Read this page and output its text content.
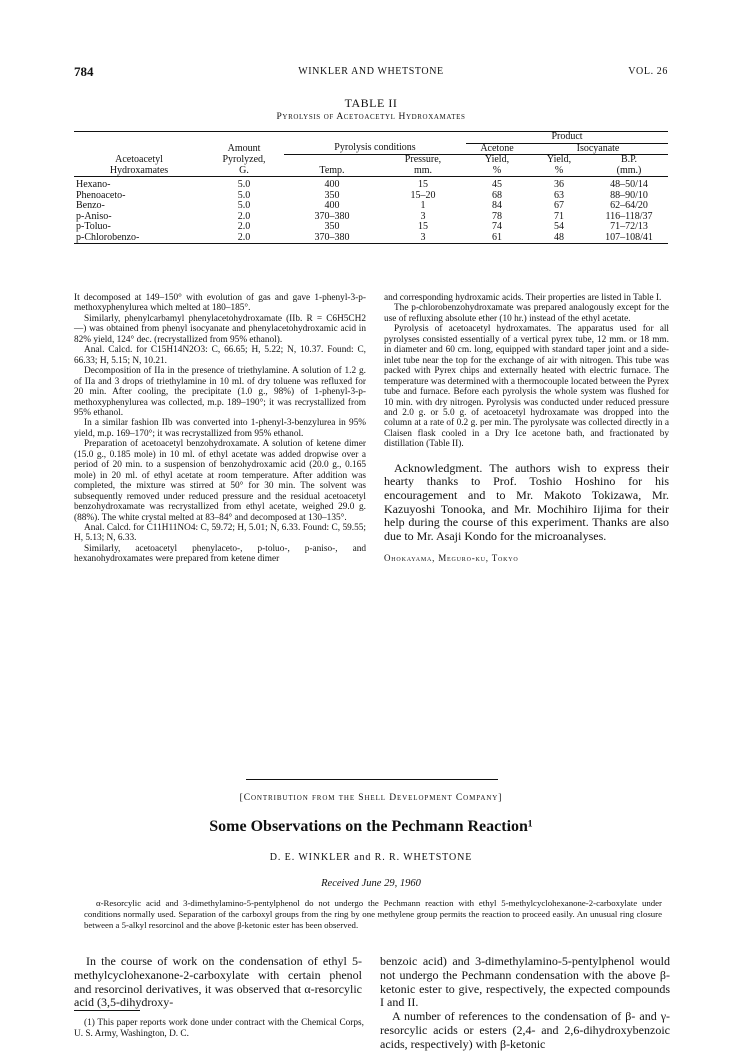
784	WINKLER AND WHETSTONE	VOL. 26
TABLE II
Pyrolysis of Acetoacetyl Hydroxamates
				Product		
	Amount	Pyrolysis conditions		Acetone	Isocyanate	
Acetoacetyl	Pyrolyzed,		Pressure,	Yield,	Yield,	B.P.
Hydroxamates	G.	Temp.	mm.	%	%	(mm.)

Hexano-	5.0	400	15	45	36	48–50/14
Phenoaceto-	5.0	350	15–20	68	63	88–90/10
Benzo-	5.0	400	1	84	67	62–64/20
p-Aniso-	2.0	370–380	3	78	71	116–118/37
p-Toluo-	2.0	350	15	74	54	71–72/13
p-Chlorobenzo-	2.0	370–380	3	61	48	107–108/41

It decomposed at 149–150° with evolution of gas and gave 1-phenyl-3-p-methoxyphenylurea which melted at 180–185°.

Similarly, phenylcarbamyl phenylacetohydroxamate (IIb. R = C6H5CH2—) was obtained from phenyl isocyanate and phenylacetohydroxamic acid in 82% yield, 124° dec. (recrystallized from 95% ethanol).

Anal. Calcd. for C15H14N2O3: C, 66.65; H, 5.22; N, 10.37. Found: C, 66.33; H, 5.15; N, 10.21.

Decomposition of IIa in the presence of triethylamine. A solution of 1.2 g. of IIa and 3 drops of triethylamine in 10 ml. of dry toluene was refluxed for 20 min. After cooling, the precipitate (1.0 g., 98%) of 1-phenyl-3-p-methoxyphenylurea was collected, m.p. 189–190°; it was recrystallized from 95% ethanol.

In a similar fashion IIb was converted into 1-phenyl-3-benzylurea in 95% yield, m.p. 169–170°; it was recrystallized from 95% ethanol.

Preparation of acetoacetyl benzohydroxamate. A solution of ketene dimer (15.0 g., 0.185 mole) in 10 ml. of ethyl acetate was added dropwise over a period of 20 min. to a suspension of benzohydroxamic acid (20.0 g., 0.165 mole) in 20 ml. of ethyl acetate at room temperature. After addition was completed, the mixture was stirred at 50° for 30 min. The solvent was subsequently removed under reduced pressure and the residual acetoacetyl benzohydroxamate was recrystallized from ethyl acetate, weighed 29.0 g. (88%). The white crystal melted at 83–84° and decomposed at 130–135°.

Anal. Calcd. for C11H11NO4: C, 59.72; H, 5.01; N, 6.33. Found: C, 59.55; H, 5.13; N, 6.33.

Similarly, acetoacetyl phenylaceto-, p-toluo-, p-aniso-, and hexanohydroxamates were prepared from ketene dimer

and corresponding hydroxamic acids. Their properties are listed in Table I.

The p-chlorobenzohydroxamate was prepared analogously except for the use of refluxing absolute ether (10 hr.) instead of the ethyl acetate.

Pyrolysis of acetoacetyl hydroxamates. The apparatus used for all pyrolyses consisted essentially of a vertical pyrex tube, 12 mm. or 18 mm. in diameter and 60 cm. long, equipped with standard taper joint and a side-inlet tube near the top for the exchange of air with nitrogen. This tube was packed with Pyrex chips and externally heated with electric furnace. The temperature was determined with a thermocouple located between the Pyrex tube and furnace. Before each pyrolysis the whole system was flushed for 10 min. with dry nitrogen. Pyrolysis was conducted under reduced pressure and 2.0 g. or 5.0 g. of acetoacetyl hydroxamate was dropped into the column at a rate of 0.2 g. per min. The pyrolysate was collected directly in a Claisen flask cooled in a Dry Ice acetone bath, and fractionated by distillation (Table II).

Acknowledgment. The authors wish to express their hearty thanks to Prof. Toshio Hoshino for his encouragement and to Mr. Makoto Tokizawa, Mr. Kazuyoshi Tonooka, and Mr. Mochihiro Iijima for their help during the course of this experiment. Thanks are also due to Mr. Asaji Kondo for the microanalyses.

Ohokayama, Meguro-ku, Tokyo

[Contribution from the Shell Development Company]
Some Observations on the Pechmann Reaction¹
D. E. WINKLER and R. R. WHETSTONE
Received June 29, 1960
α-Resorcylic acid and 3-dimethylamino-5-pentylphenol do not undergo the Pechmann reaction with ethyl 5-methylcyclohexanone-2-carboxylate under conditions normally used. Separation of the carboxyl groups from the ring by one methylene group permits the reaction to proceed easily. An unusual ring closure between a 5-alkyl resorcinol and the above β-ketonic ester has been observed.

In the course of work on the condensation of ethyl 5-methylcyclohexanone-2-carboxylate with certain phenol and resorcinol derivatives, it was observed that α-resorcylic acid (3,5-dihydroxy-

benzoic acid) and 3-dimethylamino-5-pentylphenol would not undergo the Pechmann condensation with the above β-ketonic ester to give, respectively, the expected compounds I and II.

A number of references to the condensation of β- and γ-resorcylic acids or esters (2,4- and 2,6-dihydroxybenzoic acids, respectively) with β-ketonic

(1) This paper reports work done under contract with the Chemical Corps, U. S. Army, Washington, D. C.
